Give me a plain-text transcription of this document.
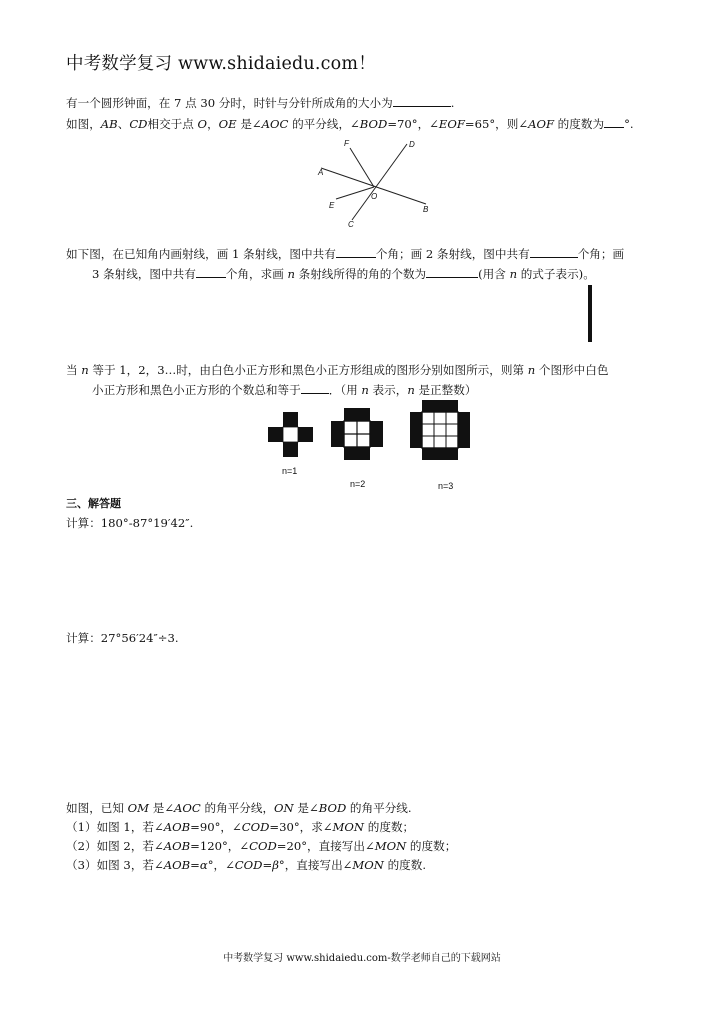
中考数学复习 www.shidaiedu.com！
有一个圆形钟面，在 7 点 30 分时，时针与分针所成角的大小为	.
如图，AB、CD相交于点 O，OE 是∠AOC 的平分线，∠BOD=70°，∠EOF=65°，则∠AOF 的度数为 °.
F	D
A
O
E	B
C
如下图，在已知角内画射线，画 1 条射线，图中共有	个角；画 2 条射线，图中共有	个角；画
3 条射线，图中共有	个角，求画 n 条射线所得的角的个数为	(用含 n 的式子表示)。
当 n 等于 1，2，3…时，由白色小正方形和黑色小正方形组成的图形分别如图所示，则第 n 个图形中白色
小正方形和黑色小正方形的个数总和等于 ．（用 n 表示，n 是正整数）
n=1
n=2	n=3
三、解答题
计算：180°-87°19′42″.
计算：27°56′24″÷3.
如图，已知 OM 是∠AOC 的角平分线，ON 是∠BOD 的角平分线.
（1）如图 1，若∠AOB=90°，∠COD=30°，求∠MON 的度数；
（2）如图 2，若∠AOB=120°，∠COD=20°，直接写出∠MON 的度数；
（3）如图 3，若∠AOB=α°，∠COD=β°，直接写出∠MON 的度数.
中考数学复习 www.shidaiedu.com-数学老师自己的下载网站
